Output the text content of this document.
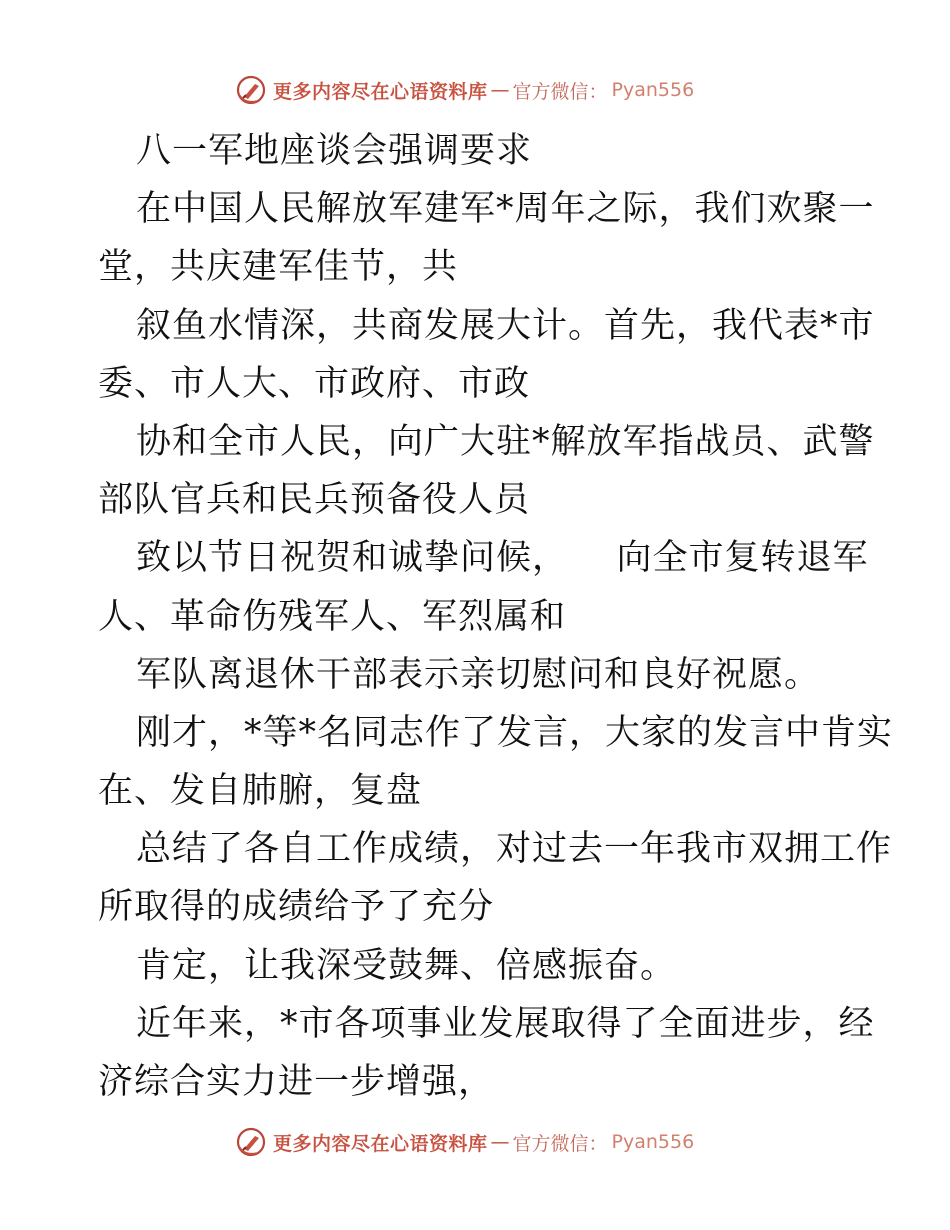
更多内容尽在心语资料库 — 官方微信： Pyan556
八一军地座谈会强调要求
在中国人民解放军建军*周年之际，我们欢聚一
堂，共庆建军佳节，共
叙鱼水情深，共商发展大计。首先，我代表*市
委、市人大、市政府、市政
协和全市人民，向广大驻*解放军指战员、武警
部队官兵和民兵预备役人员
致以节日祝贺和诚挚问候，    向全市复转退军
人、革命伤残军人、军烈属和
军队离退休干部表示亲切慰问和良好祝愿。
刚才，*等*名同志作了发言，大家的发言中肯实
在、发自肺腑，复盘
总结了各自工作成绩，对过去一年我市双拥工作
所取得的成绩给予了充分
肯定，让我深受鼓舞、倍感振奋。
近年来，*市各项事业发展取得了全面进步，经
济综合实力进一步增强，
更多内容尽在心语资料库 — 官方微信： Pyan556
